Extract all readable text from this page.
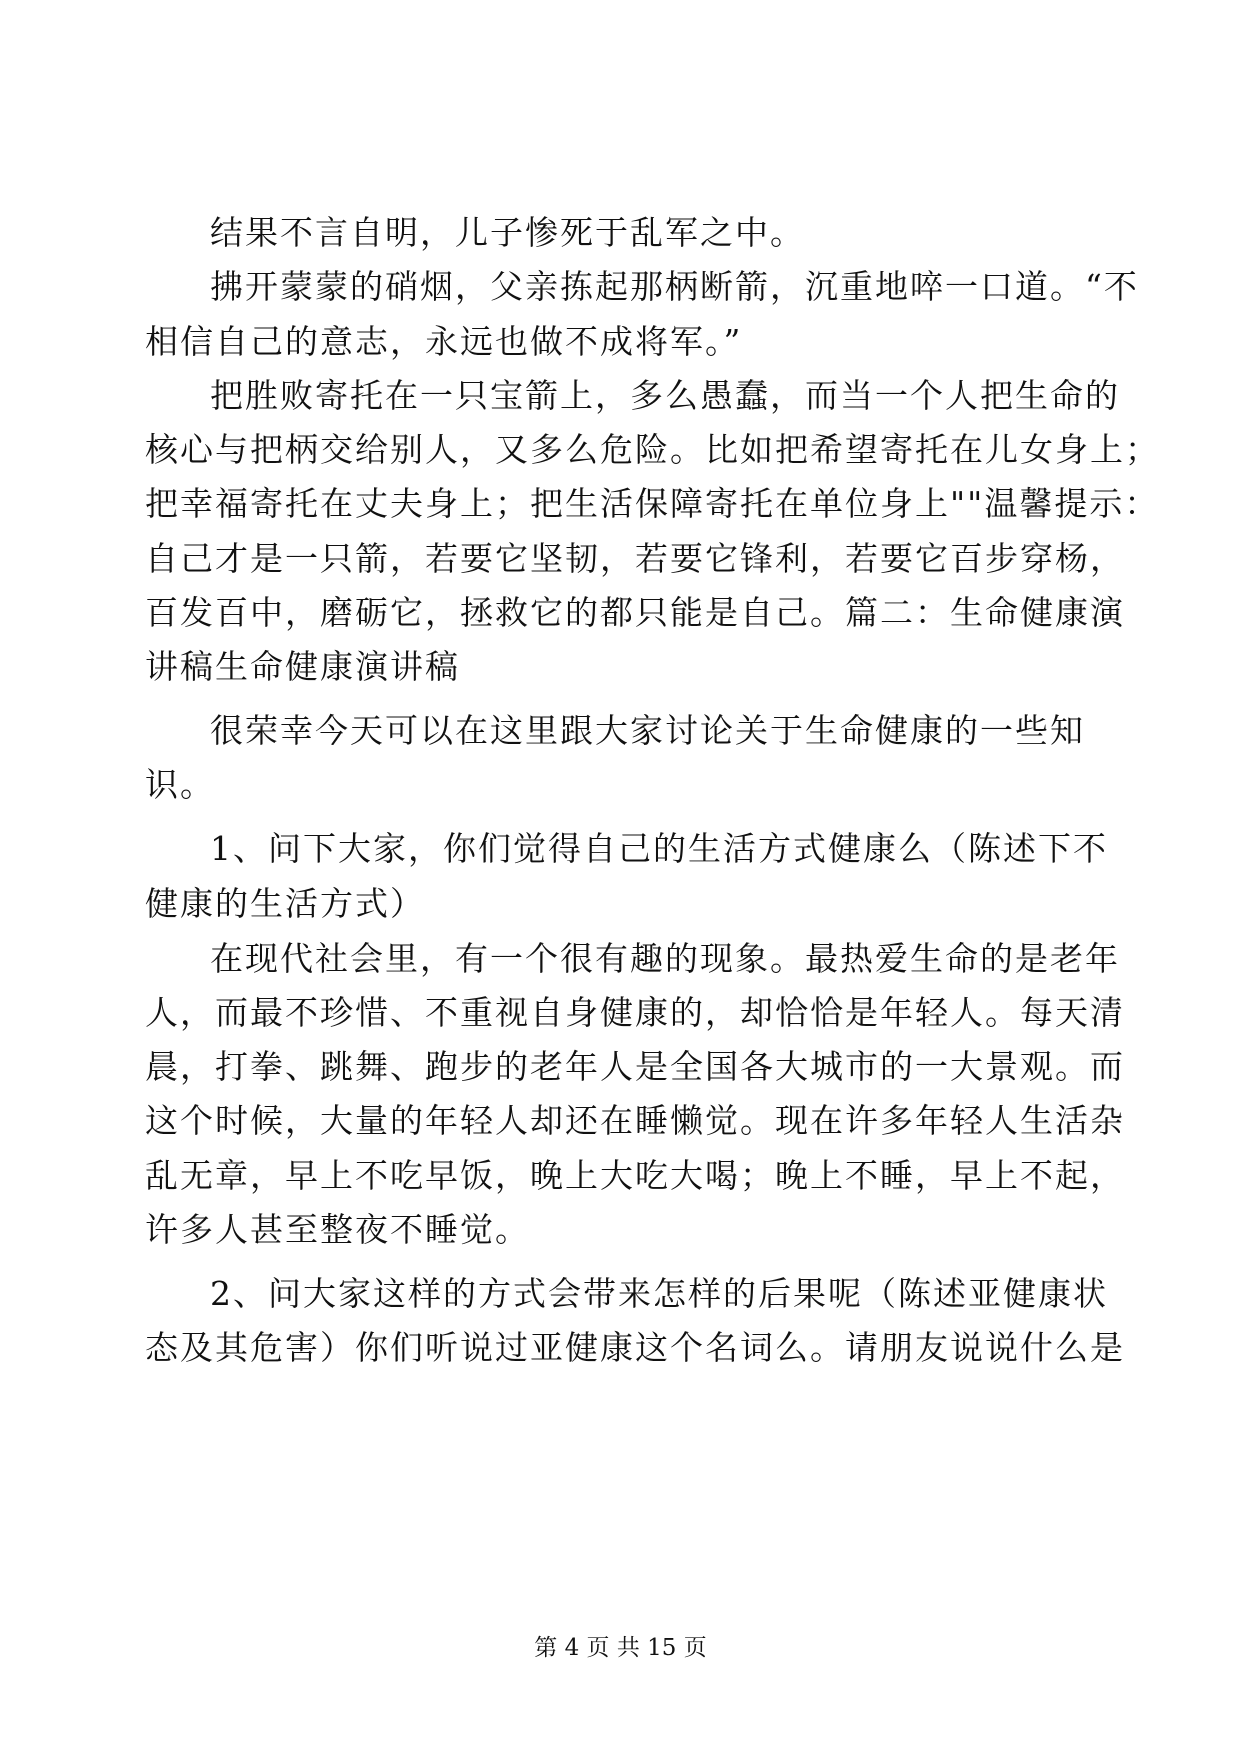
结果不言自明，儿子惨死于乱军之中。
拂开蒙蒙的硝烟，父亲拣起那柄断箭，沉重地啐一口道。“不
相信自己的意志，永远也做不成将军。”
把胜败寄托在一只宝箭上，多么愚蠢，而当一个人把生命的
核心与把柄交给别人，又多么危险。比如把希望寄托在儿女身上；
把幸福寄托在丈夫身上；把生活保障寄托在单位身上""温馨提示：
自己才是一只箭，若要它坚韧，若要它锋利，若要它百步穿杨，
百发百中，磨砺它，拯救它的都只能是自己。篇二：生命健康演
讲稿生命健康演讲稿
很荣幸今天可以在这里跟大家讨论关于生命健康的一些知
识。
1、问下大家，你们觉得自己的生活方式健康么（陈述下不
健康的生活方式）
在现代社会里，有一个很有趣的现象。最热爱生命的是老年
人，而最不珍惜、不重视自身健康的，却恰恰是年轻人。每天清
晨，打拳、跳舞、跑步的老年人是全国各大城市的一大景观。而
这个时候，大量的年轻人却还在睡懒觉。现在许多年轻人生活杂
乱无章，早上不吃早饭，晚上大吃大喝；晚上不睡，早上不起，
许多人甚至整夜不睡觉。
2、问大家这样的方式会带来怎样的后果呢（陈述亚健康状
态及其危害）你们听说过亚健康这个名词么。请朋友说说什么是
第 4 页 共 15 页
